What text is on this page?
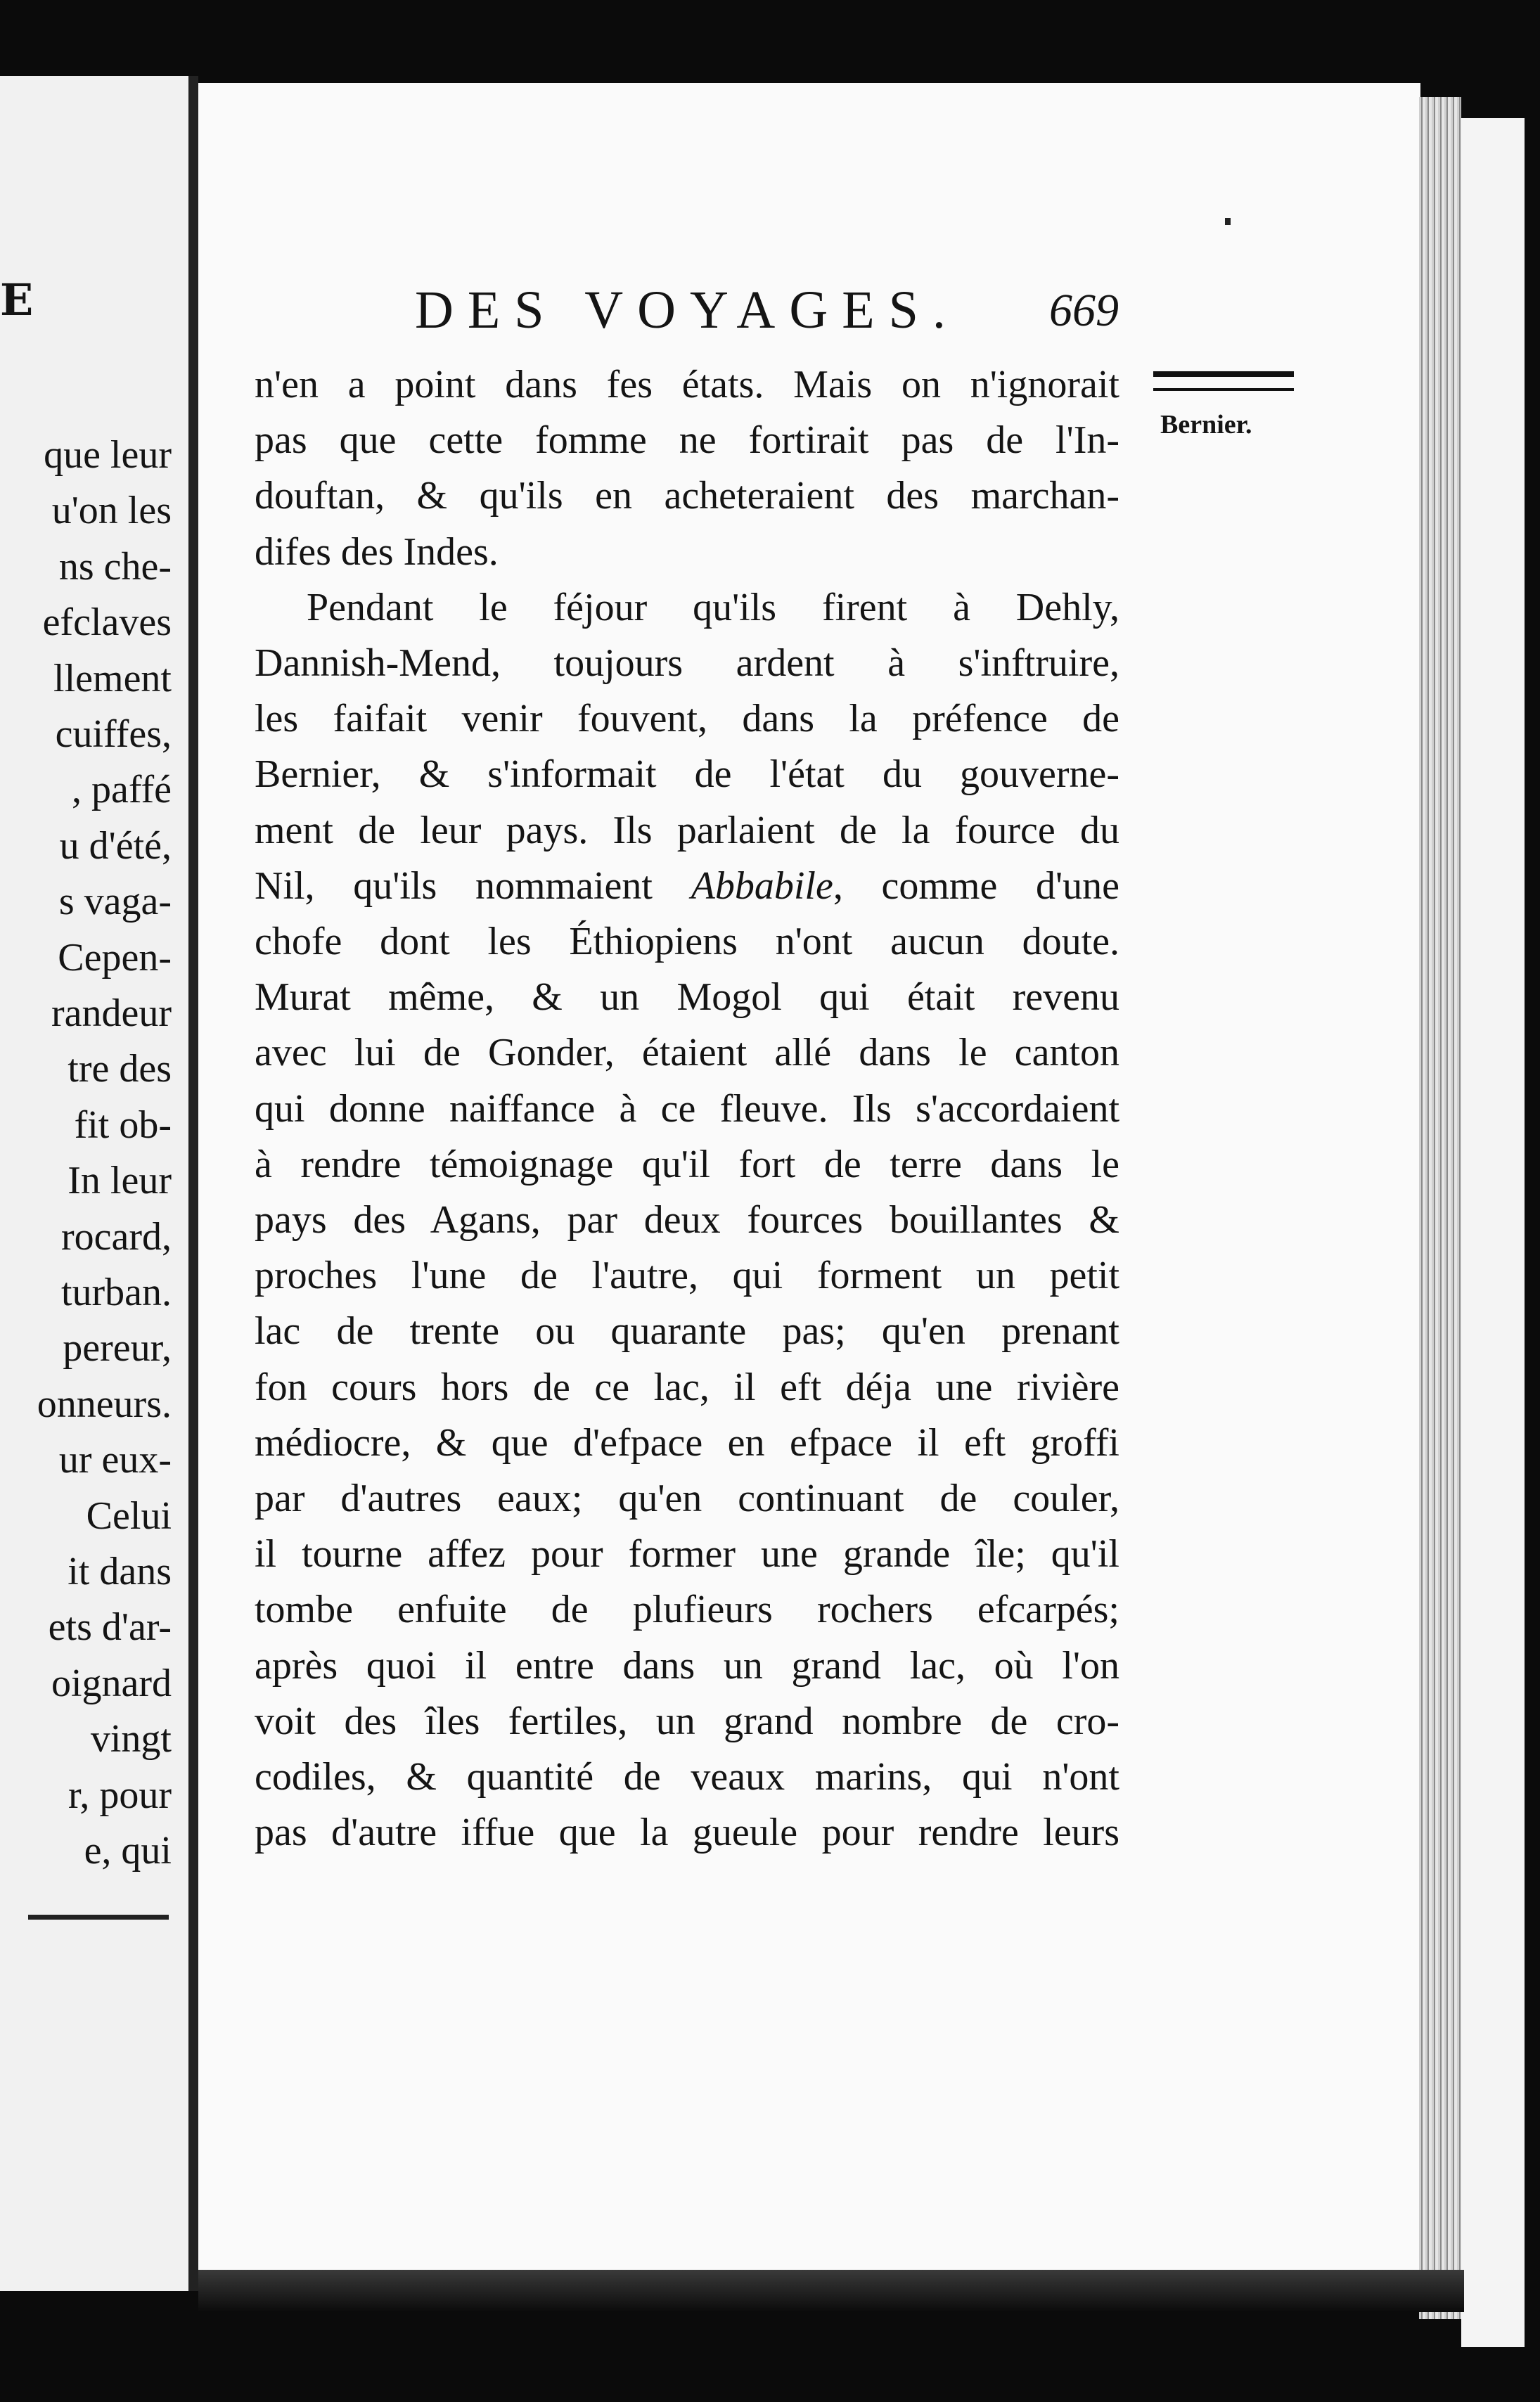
E
que leur
u'on les
ns che-
efclaves
llement
cuiffes,
, paffé
u d'été,
s vaga-
Cepen-
randeur
tre des
fit ob-
In leur
rocard,
turban.
pereur,
onneurs.
ur eux-
Celui
it dans
ets d'ar-
oignard
vingt
r, pour
e, qui
DES VOYAGES. 669
Bernier.
n'en a point dans fes états. Mais on n'ignorait
pas que cette fomme ne fortirait pas de l'In-
douftan, & qu'ils en acheteraient des marchan-
difes des Indes.
Pendant le féjour qu'ils firent à Dehly,
Dannish-Mend, toujours ardent à s'inftruire,
les faifait venir fouvent, dans la préfence de
Bernier, & s'informait de l'état du gouverne-
ment de leur pays. Ils parlaient de la fource du
Nil, qu'ils nommaient Abbabile, comme d'une
chofe dont les Éthiopiens n'ont aucun doute.
Murat même, & un Mogol qui était revenu
avec lui de Gonder, étaient allé dans le canton
qui donne naiffance à ce fleuve. Ils s'accordaient
à rendre témoignage qu'il fort de terre dans le
pays des Agans, par deux fources bouillantes &
proches l'une de l'autre, qui forment un petit
lac de trente ou quarante pas; qu'en prenant
fon cours hors de ce lac, il eft déja une rivière
médiocre, & que d'efpace en efpace il eft groffi
par d'autres eaux; qu'en continuant de couler,
il tourne affez pour former une grande île; qu'il
tombe enfuite de plufieurs rochers efcarpés;
après quoi il entre dans un grand lac, où l'on
voit des îles fertiles, un grand nombre de cro-
codiles, & quantité de veaux marins, qui n'ont
pas d'autre iffue que la gueule pour rendre leurs
